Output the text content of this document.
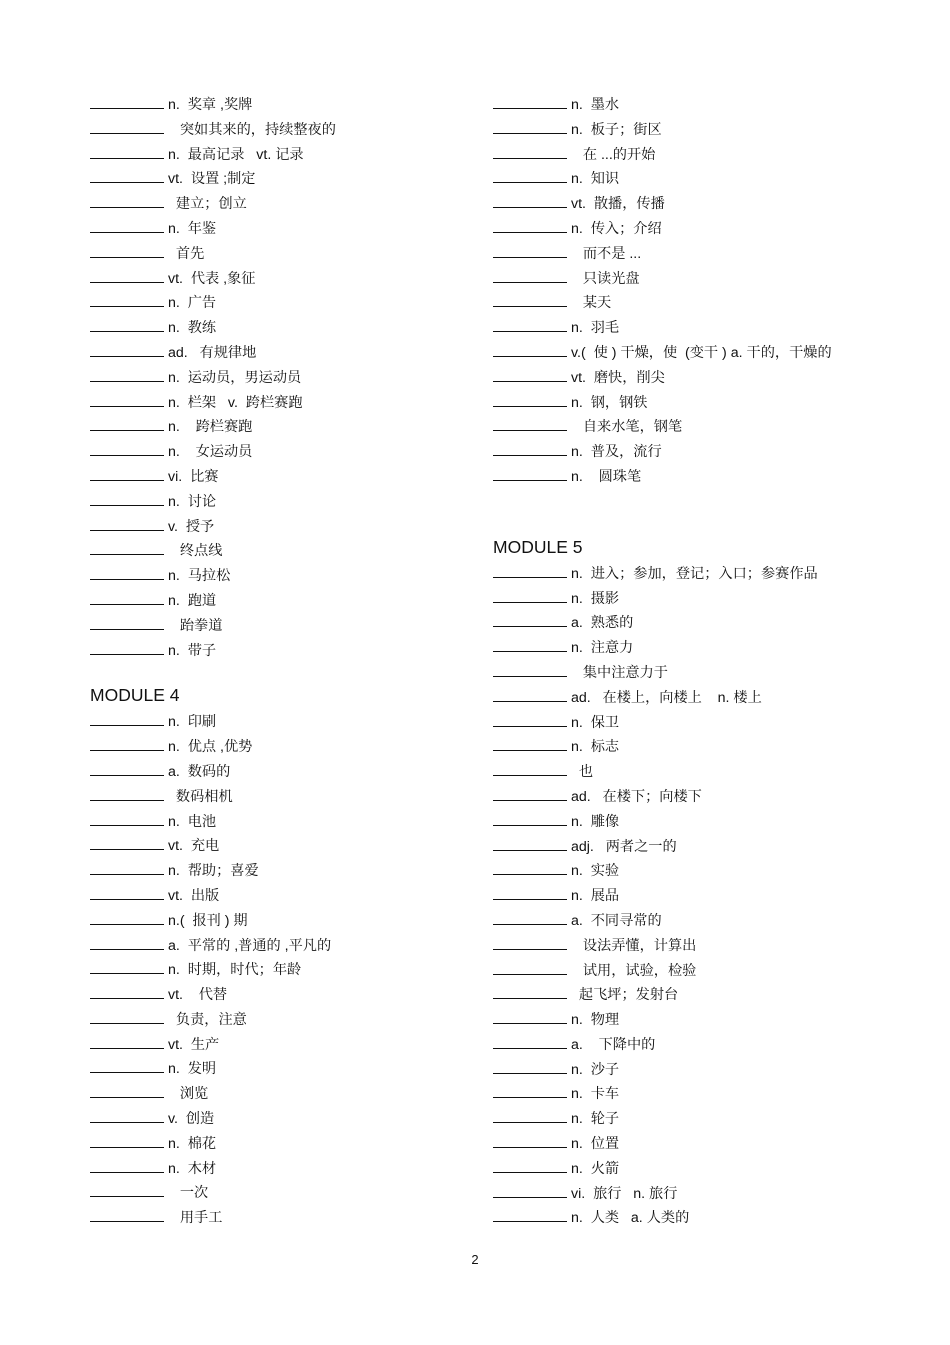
n.  奖章 ,奖牌
突如其来的，持续整夜的
n.  最高记录   vt. 记录
vt.  设置 ;制定
建立；创立
n.  年鉴
首先
vt.  代表 ,象征
n.  广告
n.  教练
ad.   有规律地
n.  运动员，男运动员
n.  栏架   v.  跨栏赛跑
n.    跨栏赛跑
n.    女运动员
vi.  比赛
n.  讨论
v.  授予
终点线
n.  马拉松
n.  跑道
跆拳道
n.  带子
MODULE 4
n.  印刷
n.  优点 ,优势
a.  数码的
数码相机
n.  电池
vt.  充电
n.  帮助；喜爱
vt.  出版
n.(  报刊 ) 期
a.  平常的 ,普通的 ,平凡的
n.  时期，时代；年龄
vt.    代替
负责，注意
vt.  生产
n.  发明
浏览
v.  创造
n.  棉花
n.  木材
一次
用手工
n.  墨水
n.  板子；街区
在 ...的开始
n.  知识
vt.  散播，传播
n.  传入；介绍
而不是 ...
只读光盘
某天
n.  羽毛
v.(  使 ) 干燥，使  (变干 ) a. 干的，干燥的
vt.  磨快，削尖
n.  钢，钢铁
自来水笔，钢笔
n.  普及，流行
n.    圆珠笔
MODULE 5
n.  进入；参加，登记；入口；参赛作品
n.  摄影
a.  熟悉的
n.  注意力
集中注意力于
ad.   在楼上，向楼上    n. 楼上
n.  保卫
n.  标志
也
ad.   在楼下；向楼下
n.  雕像
adj.   两者之一的
n.  实验
n.  展品
a.  不同寻常的
设法弄懂，计算出
试用，试验，检验
起飞坪；发射台
n.  物理
a.    下降中的
n.  沙子
n.  卡车
n.  轮子
n.  位置
n.  火箭
vi.  旅行   n. 旅行
n.  人类   a. 人类的
2
